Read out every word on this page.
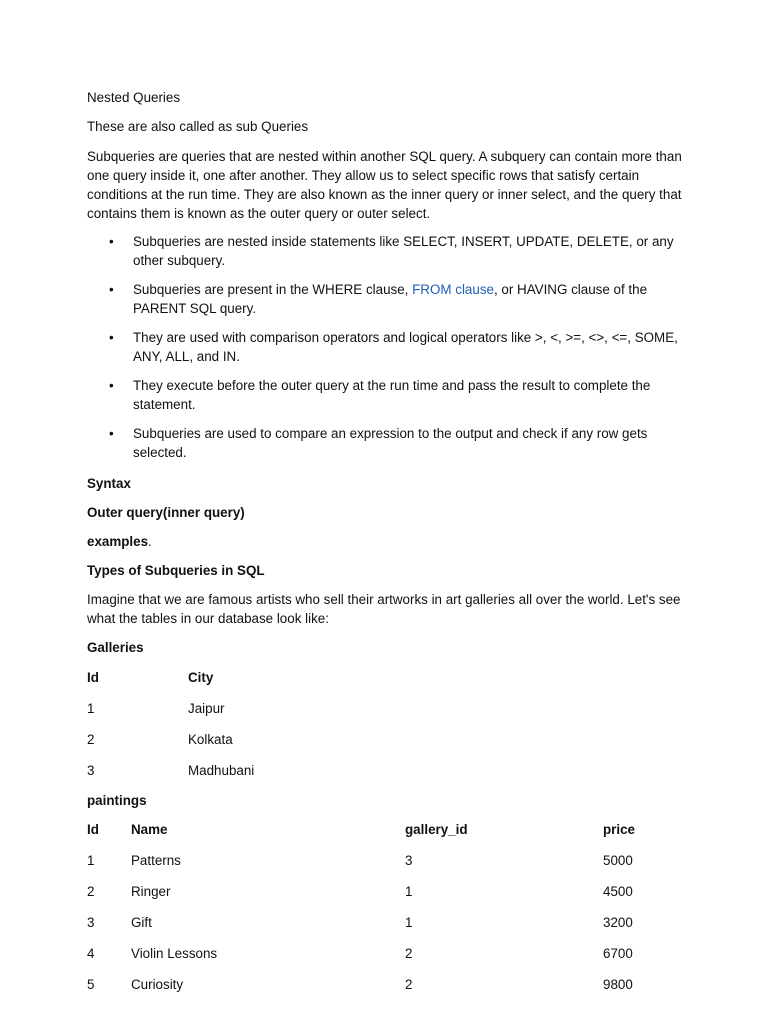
Nested Queries

These are also called as sub Queries

Subqueries are queries that are nested within another SQL query. A subquery can contain more than one query inside it, one after another. They allow us to select specific rows that satisfy certain conditions at the run time. They are also known as the inner query or inner select, and the query that contains them is known as the outer query or outer select.

• Subqueries are nested inside statements like SELECT, INSERT, UPDATE, DELETE, or any other subquery.
• Subqueries are present in the WHERE clause, FROM clause, or HAVING clause of the PARENT SQL query.
• They are used with comparison operators and logical operators like >, <, >=, <>, <=, SOME, ANY, ALL, and IN.
• They execute before the outer query at the run time and pass the result to complete the statement.
• Subqueries are used to compare an expression to the output and check if any row gets selected.

Syntax

Outer query(inner query)

examples.

Types of Subqueries in SQL

Imagine that we are famous artists who sell their artworks in art galleries all over the world. Let's see what the tables in our database look like:

Galleries

Id	City
1	Jaipur
2	Kolkata
3	Madhubani

paintings

Id	Name	gallery_id	price
1	Patterns	3	5000
2	Ringer	1	4500
3	Gift	1	3200
4	Violin Lessons	2	6700
5	Curiosity	2	9800
